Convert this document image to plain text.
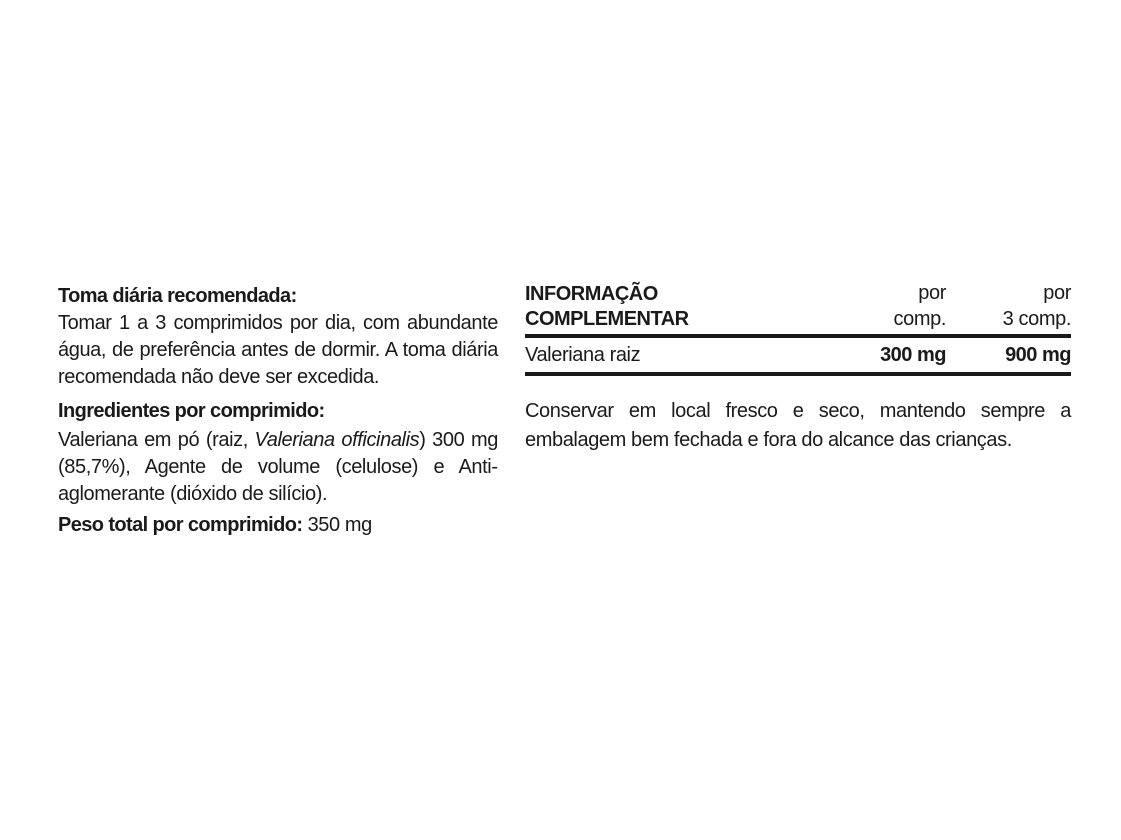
Toma diária recomendada:

Tomar 1 a 3 comprimidos por dia, com abundante água, de preferência antes de dormir. A toma diária recomendada não deve ser excedida.

Ingredientes por comprimido:

Valeriana em pó (raiz, Valeriana officinalis) 300 mg (85,7%), Agente de volume (celulose) e Antiaglomerante (dióxido de silício).

Peso total por comprimido: 350 mg

INFORMAÇÃO
COMPLEMENTAR
por
comp.
por
3 comp.
Valeriana raiz	300 mg	900 mg

Conservar em local fresco e seco, mantendo sempre a embalagem bem fechada e fora do alcance das crianças.
